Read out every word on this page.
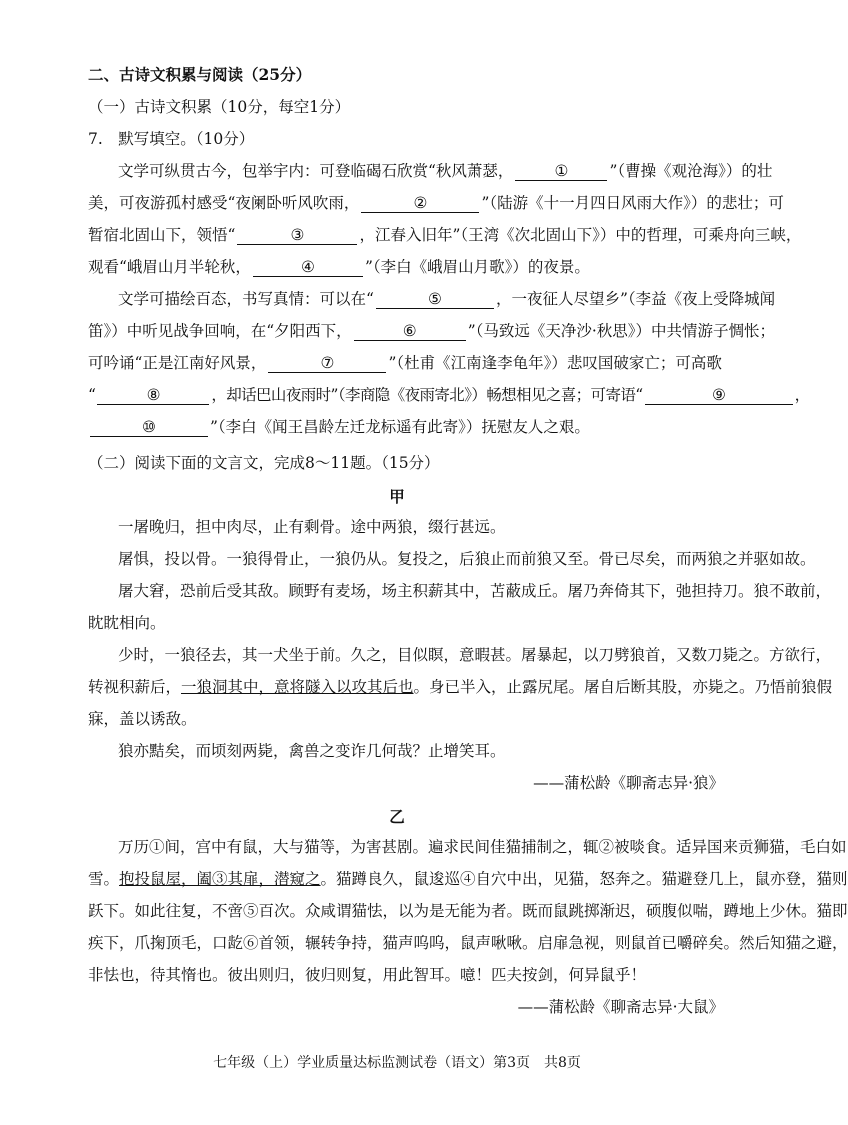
二、古诗文积累与阅读（25分）
（一）古诗文积累（10分，每空1分）
7.　默写填空。（10分）
文学可纵贯古今，包举宇内：可登临碣石欣赏“秋风萧瑟，	①	”（曹操《观沧海》）的壮
美，可夜游孤村感受“夜阑卧听风吹雨，	②	”（陆游《十一月四日风雨大作》）的悲壮；可
暂宿北固山下，领悟“	③	，江春入旧年”（王湾《次北固山下》）中的哲理，可乘舟向三峡，
观看“峨眉山月半轮秋，	④	”（李白《峨眉山月歌》）的夜景。
文学可描绘百态，书写真情：可以在“	⑤	，一夜征人尽望乡”（李益《夜上受降城闻
笛》）中听见战争回响，在“夕阳西下，	⑥	”（马致远《天净沙·秋思》）中共情游子惆怅；
可吟诵“正是江南好风景，	⑦	”（杜甫《江南逢李龟年》）悲叹国破家亡；可高歌
“	⑧	，却话巴山夜雨时”（李商隐《夜雨寄北》）畅想相见之喜；可寄语“	⑨	，
⑩	”（李白《闻王昌龄左迁龙标遥有此寄》）抚慰友人之艰。
（二）阅读下面的文言文，完成8～11题。（15分）
甲
一屠晚归，担中肉尽，止有剩骨。途中两狼，缀行甚远。
屠惧，投以骨。一狼得骨止，一狼仍从。复投之，后狼止而前狼又至。骨已尽矣，而两狼之并驱如故。
屠大窘，恐前后受其敌。顾野有麦场，场主积薪其中，苫蔽成丘。屠乃奔倚其下，弛担持刀。狼不敢前，
眈眈相向。
少时，一狼径去，其一犬坐于前。久之，目似瞑，意暇甚。屠暴起，以刀劈狼首，又数刀毙之。方欲行，
转视积薪后，一狼洞其中，意将隧入以攻其后也。身已半入，止露尻尾。屠自后断其股，亦毙之。乃悟前狼假
寐，盖以诱敌。
狼亦黠矣，而顷刻两毙，禽兽之变诈几何哉？止增笑耳。
——蒲松龄《聊斋志异·狼》
乙
万历①间，宫中有鼠，大与猫等，为害甚剧。遍求民间佳猫捕制之，辄②被啖食。适异国来贡狮猫，毛白如
雪。抱投鼠屋，阖③其扉，潜窥之。猫蹲良久，鼠逡巡④自穴中出，见猫，怒奔之。猫避登几上，鼠亦登，猫则
跃下。如此往复，不啻⑤百次。众咸谓猫怯，以为是无能为者。既而鼠跳掷渐迟，硕腹似喘，蹲地上少休。猫即
疾下，爪掬顶毛，口龁⑥首领，辗转争持，猫声呜呜，鼠声啾啾。启扉急视，则鼠首已嚼碎矣。然后知猫之避，
非怯也，待其惰也。彼出则归，彼归则复，用此智耳。噫！匹夫按剑，何异鼠乎！
——蒲松龄《聊斋志异·大鼠》
七年级（上）学业质量达标监测试卷（语文）第3页　共8页
